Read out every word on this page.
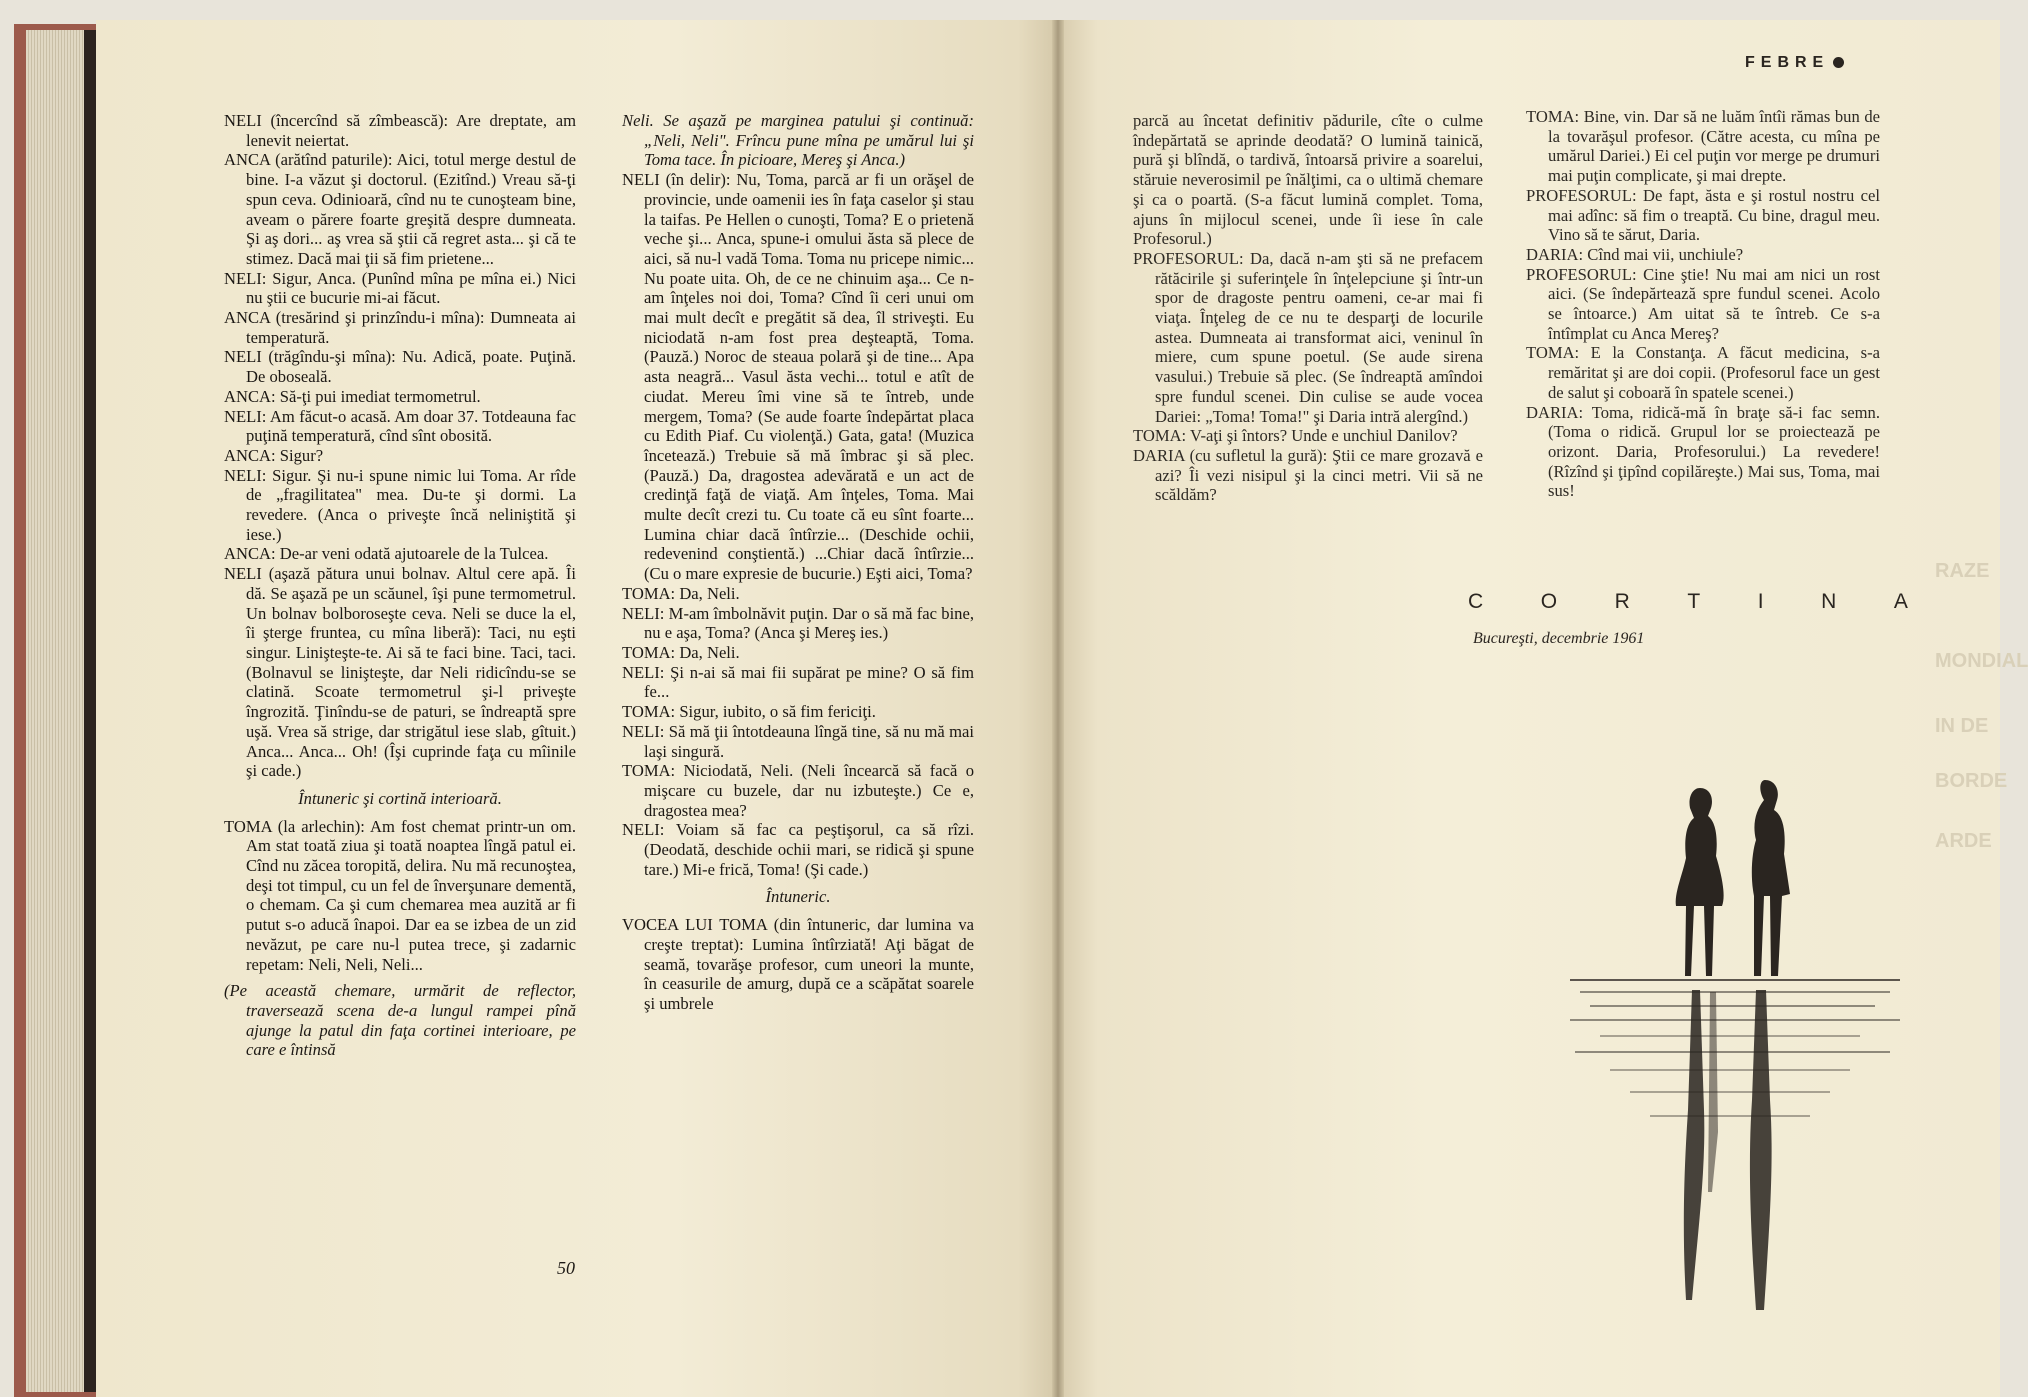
RAZE
MONDIAL
IN DE
BORDE
ARDE

NELI (încercînd să zîmbească): Are dreptate, am lenevit neiertat.

ANCA (arătînd paturile): Aici, totul merge destul de bine. I-a văzut şi doctorul. (Ezitînd.) Vreau să-ţi spun ceva. Odinioară, cînd nu te cunoşteam bine, aveam o părere foarte greşită despre dumneata. Şi aş dori... aş vrea să ştii că regret asta... şi că te stimez. Dacă mai ţii să fim prietene...

NELI: Sigur, Anca. (Punînd mîna pe mîna ei.) Nici nu ştii ce bucurie mi-ai făcut.

ANCA (tresărind şi prinzîndu-i mîna): Dumneata ai temperatură.

NELI (trăgîndu-şi mîna): Nu. Adică, poate. Puţină. De oboseală.

ANCA: Să-ţi pui imediat termometrul.

NELI: Am făcut-o acasă. Am doar 37. Totdeauna fac puţină temperatură, cînd sînt obosită.

ANCA: Sigur?

NELI: Sigur. Şi nu-i spune nimic lui Toma. Ar rîde de „fragilitatea" mea. Du-te şi dormi. La revedere. (Anca o priveşte încă neliniştită şi iese.)

ANCA: De-ar veni odată ajutoarele de la Tulcea.

NELI (aşază pătura unui bolnav. Altul cere apă. Îi dă. Se aşază pe un scăunel, îşi pune termometrul. Un bolnav bolboroseşte ceva. Neli se duce la el, îi şterge fruntea, cu mîna liberă): Taci, nu eşti singur. Linişteşte-te. Ai să te faci bine. Taci, taci. (Bolnavul se linişteşte, dar Neli ridicîndu-se se clatină. Scoate termometrul şi-l priveşte îngrozită. Ţinîndu-se de paturi, se îndreaptă spre uşă. Vrea să strige, dar strigătul iese slab, gîtuit.) Anca... Anca... Oh! (Îşi cuprinde faţa cu mîinile şi cade.)

Întuneric şi cortină interioară.

TOMA (la arlechin): Am fost chemat printr-un om. Am stat toată ziua şi toată noaptea lîngă patul ei. Cînd nu zăcea toropită, delira. Nu mă recunoştea, deşi tot timpul, cu un fel de înverşunare dementă, o chemam. Ca şi cum chemarea mea auzită ar fi putut s-o aducă înapoi. Dar ea se izbea de un zid nevăzut, pe care nu-l putea trece, şi zadarnic repetam: Neli, Neli, Neli...

(Pe această chemare, urmărit de reflector, traversează scena de-a lungul rampei pînă ajunge la patul din faţa cortinei interioare, pe care e întinsă

Neli. Se aşază pe marginea patului şi continuă: „Neli, Neli". Frîncu pune mîna pe umărul lui şi Toma tace. În picioare, Mereş şi Anca.)

NELI (în delir): Nu, Toma, parcă ar fi un orăşel de provincie, unde oamenii ies în faţa caselor şi stau la taifas. Pe Hellen o cunoşti, Toma? E o prietenă veche şi... Anca, spune-i omului ăsta să plece de aici, să nu-l vadă Toma. Toma nu pricepe nimic... Nu poate uita. Oh, de ce ne chinuim aşa... Ce n-am înţeles noi doi, Toma? Cînd îi ceri unui om mai mult decît e pregătit să dea, îl striveşti. Eu niciodată n-am fost prea deşteaptă, Toma. (Pauză.) Noroc de steaua polară şi de tine... Apa asta neagră... Vasul ăsta vechi... totul e atît de ciudat. Mereu îmi vine să te întreb, unde mergem, Toma? (Se aude foarte îndepărtat placa cu Edith Piaf. Cu violenţă.) Gata, gata! (Muzica încetează.) Trebuie să mă îmbrac şi să plec. (Pauză.) Da, dragostea adevărată e un act de credinţă faţă de viaţă. Am înţeles, Toma. Mai multe decît crezi tu. Cu toate că eu sînt foarte... Lumina chiar dacă întîrzie... (Deschide ochii, redevenind conştientă.) ...Chiar dacă întîrzie... (Cu o mare expresie de bucurie.) Eşti aici, Toma?

TOMA: Da, Neli.

NELI: M-am îmbolnăvit puţin. Dar o să mă fac bine, nu e aşa, Toma? (Anca şi Mereş ies.)

TOMA: Da, Neli.

NELI: Şi n-ai să mai fii supărat pe mine? O să fim fe...

TOMA: Sigur, iubito, o să fim fericiţi.

NELI: Să mă ţii întotdeauna lîngă tine, să nu mă mai laşi singură.

TOMA: Niciodată, Neli. (Neli încearcă să facă o mişcare cu buzele, dar nu izbuteşte.) Ce e, dragostea mea?

NELI: Voiam să fac ca peştişorul, ca să rîzi. (Deodată, deschide ochii mari, se ridică şi spune tare.) Mi-e frică, Toma! (Şi cade.)

Întuneric.

VOCEA LUI TOMA (din întuneric, dar lumina va creşte treptat): Lumina întîrziată! Aţi băgat de seamă, tovarăşe profesor, cum uneori la munte, în ceasurile de amurg, după ce a scăpătat soarele şi umbrele

parcă au încetat definitiv pădurile, cîte o culme îndepărtată se aprinde deodată? O lumină tainică, pură şi blîndă, o tardivă, întoarsă privire a soarelui, stăruie neverosimil pe înălţimi, ca o ultimă chemare şi ca o poartă. (S-a făcut lumină complet. Toma, ajuns în mijlocul scenei, unde îi iese în cale Profesorul.)

PROFESORUL: Da, dacă n-am şti să ne prefacem rătăcirile şi suferinţele în înţelepciune şi într-un spor de dragoste pentru oameni, ce-ar mai fi viaţa. Înţeleg de ce nu te desparţi de locurile astea. Dumneata ai transformat aici, veninul în miere, cum spune poetul. (Se aude sirena vasului.) Trebuie să plec. (Se îndreaptă amîndoi spre fundul scenei. Din culise se aude vocea Dariei: „Toma! Toma!" şi Daria intră alergînd.)

TOMA: V-aţi şi întors? Unde e unchiul Danilov?

DARIA (cu sufletul la gură): Ştii ce mare grozavă e azi? Îi vezi nisipul şi la cinci metri. Vii să ne scăldăm?

TOMA: Bine, vin. Dar să ne luăm întîi rămas bun de la tovarăşul profesor. (Către acesta, cu mîna pe umărul Dariei.) Ei cel puţin vor merge pe drumuri mai puţin complicate, şi mai drepte.

PROFESORUL: De fapt, ăsta e şi rostul nostru cel mai adînc: să fim o treaptă. Cu bine, dragul meu. Vino să te sărut, Daria.

DARIA: Cînd mai vii, unchiule?

PROFESORUL: Cine ştie! Nu mai am nici un rost aici. (Se îndepărtează spre fundul scenei. Acolo se întoarce.) Am uitat să te întreb. Ce s-a întîmplat cu Anca Mereş?

TOMA: E la Constanţa. A făcut medicina, s-a remăritat şi are doi copii. (Profesorul face un gest de salut şi coboară în spatele scenei.)

DARIA: Toma, ridică-mă în braţe să-i fac semn. (Toma o ridică. Grupul lor se proiectează pe orizont. Daria, Profesorului.) La revedere! (Rîzînd şi ţipînd copilăreşte.) Mai sus, Toma, mai sus!

50
FEBRE
C	O	R	T	I	N	A
Bucureşti, decembrie 1961
